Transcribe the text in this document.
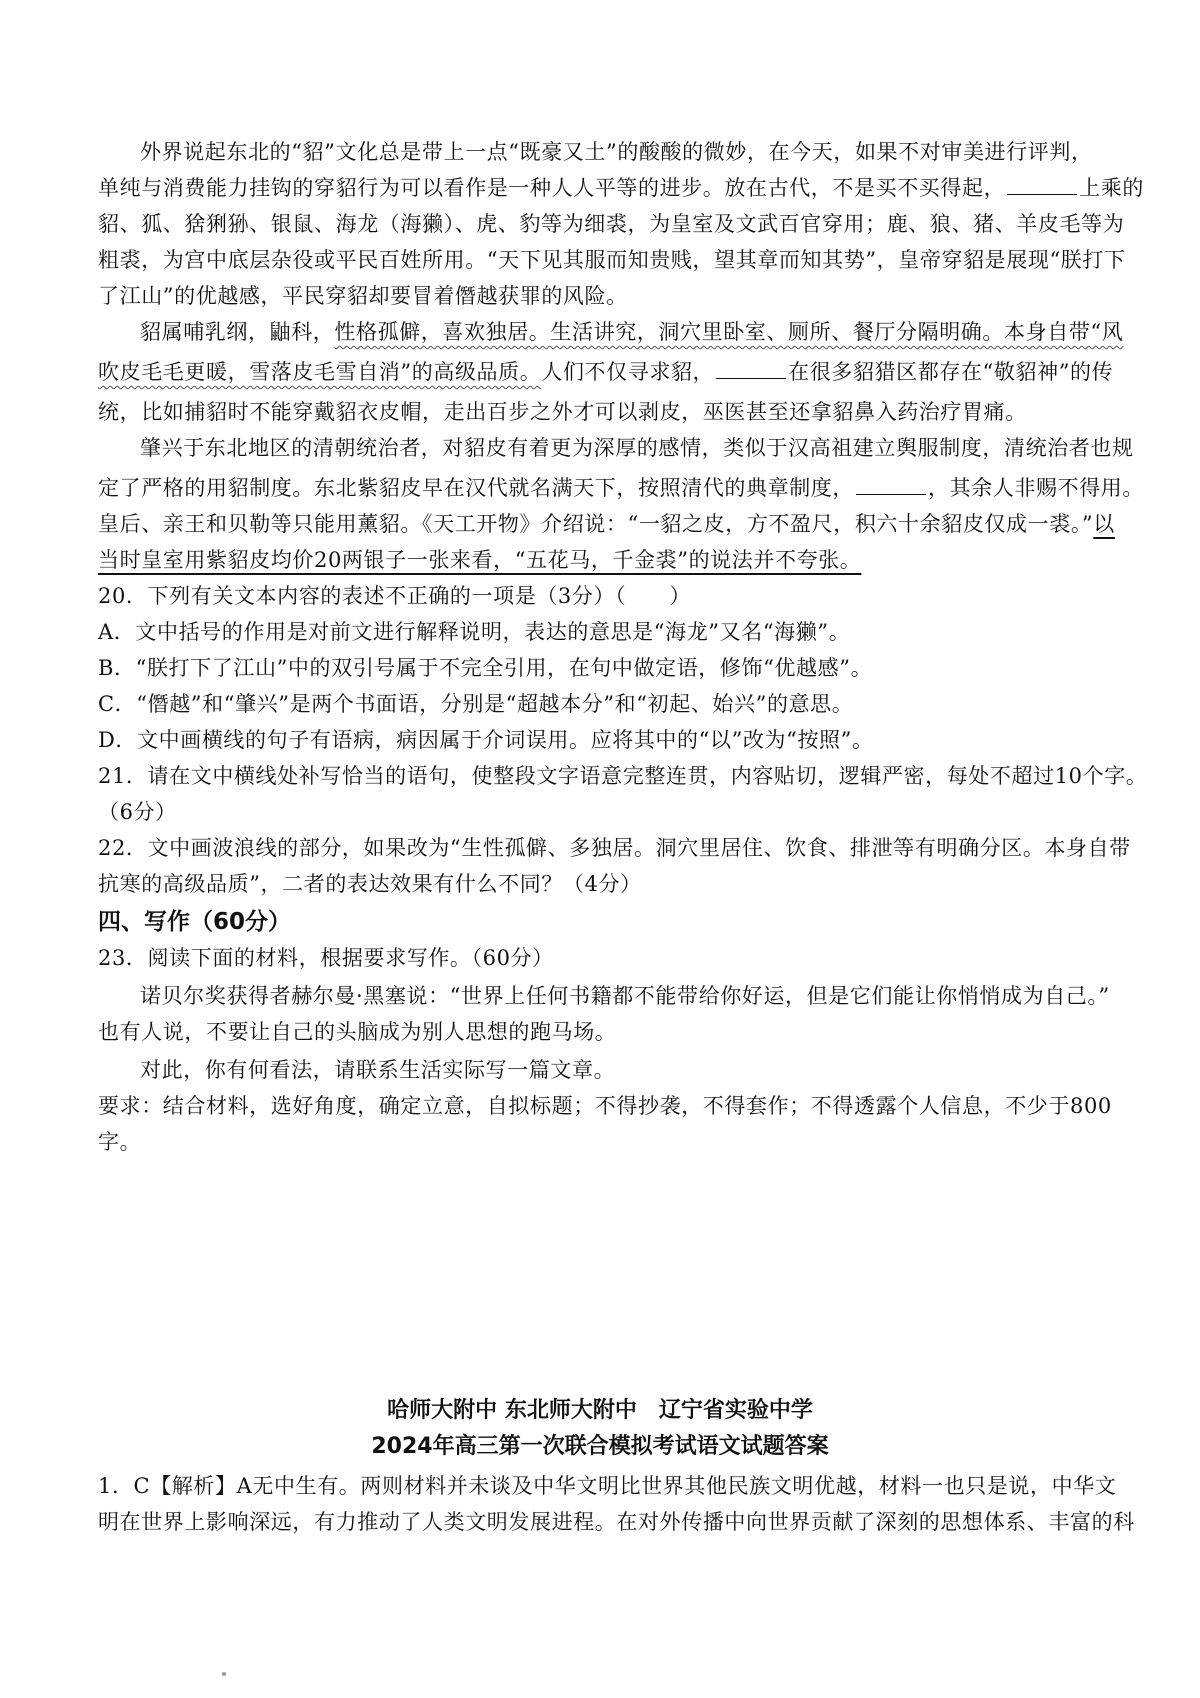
外界说起东北的“貂”文化总是带上一点“既豪又土”的酸酸的微妙，在今天，如果不对审美进行评判，
单纯与消费能力挂钩的穿貂行为可以看作是一种人人平等的进步。放在古代，不是买不买得起，	上乘的
貂、狐、猞猁狲、银鼠、海龙（海獭）、虎、豹等为细裘，为皇室及文武百官穿用；鹿、狼、猪、羊皮毛等为
粗裘，为宫中底层杂役或平民百姓所用。“天下见其服而知贵贱，望其章而知其势”，皇帝穿貂是展现“朕打下
了江山”的优越感，平民穿貂却要冒着僭越获罪的风险。
貂属哺乳纲，鼬科，性格孤僻，喜欢独居。生活讲究，洞穴里卧室、厕所、餐厅分隔明确。本身自带“风
吹皮毛毛更暖，雪落皮毛雪自消”的高级品质。人们不仅寻求貂，	在很多貂猎区都存在“敬貂神”的传
统，比如捕貂时不能穿戴貂衣皮帽，走出百步之外才可以剥皮，巫医甚至还拿貂鼻入药治疗胃痛。
肇兴于东北地区的清朝统治者，对貂皮有着更为深厚的感情，类似于汉高祖建立舆服制度，清统治者也规
定了严格的用貂制度。东北紫貂皮早在汉代就名满天下，按照清代的典章制度，	，其余人非赐不得用。
皇后、亲王和贝勒等只能用薰貂。《天工开物》介绍说：“一貂之皮，方不盈尺，积六十余貂皮仅成一裘。”以
当时皇室用紫貂皮均价20两银子一张来看，“五花马，千金裘”的说法并不夸张。
20．下列有关文本内容的表述不正确的一项是（3分）（　　）
A．文中括号的作用是对前文进行解释说明，表达的意思是“海龙”又名“海獭”。
B．“朕打下了江山”中的双引号属于不完全引用，在句中做定语，修饰“优越感”。
C．“僭越”和“肇兴”是两个书面语，分别是“超越本分”和“初起、始兴”的意思。
D．文中画横线的句子有语病，病因属于介词误用。应将其中的“以”改为“按照”。
21．请在文中横线处补写恰当的语句，使整段文字语意完整连贯，内容贴切，逻辑严密，每处不超过10个字。
（6分）
22．文中画波浪线的部分，如果改为“生性孤僻、多独居。洞穴里居住、饮食、排泄等有明确分区。本身自带
抗寒的高级品质”，二者的表达效果有什么不同？（4分）
四、写作（60分）
23．阅读下面的材料，根据要求写作。（60分）
诺贝尔奖获得者赫尔曼·黑塞说：“世界上任何书籍都不能带给你好运，但是它们能让你悄悄成为自己。”
也有人说，不要让自己的头脑成为别人思想的跑马场。
对此，你有何看法，请联系生活实际写一篇文章。
要求：结合材料，选好角度，确定立意，自拟标题；不得抄袭，不得套作；不得透露个人信息，不少于800
字。
哈师大附中 东北师大附中　辽宁省实验中学
2024年高三第一次联合模拟考试语文试题答案
1．C【解析】A无中生有。两则材料并未谈及中华文明比世界其他民族文明优越，材料一也只是说，中华文
明在世界上影响深远，有力推动了人类文明发展进程。在对外传播中向世界贡献了深刻的思想体系、丰富的科
